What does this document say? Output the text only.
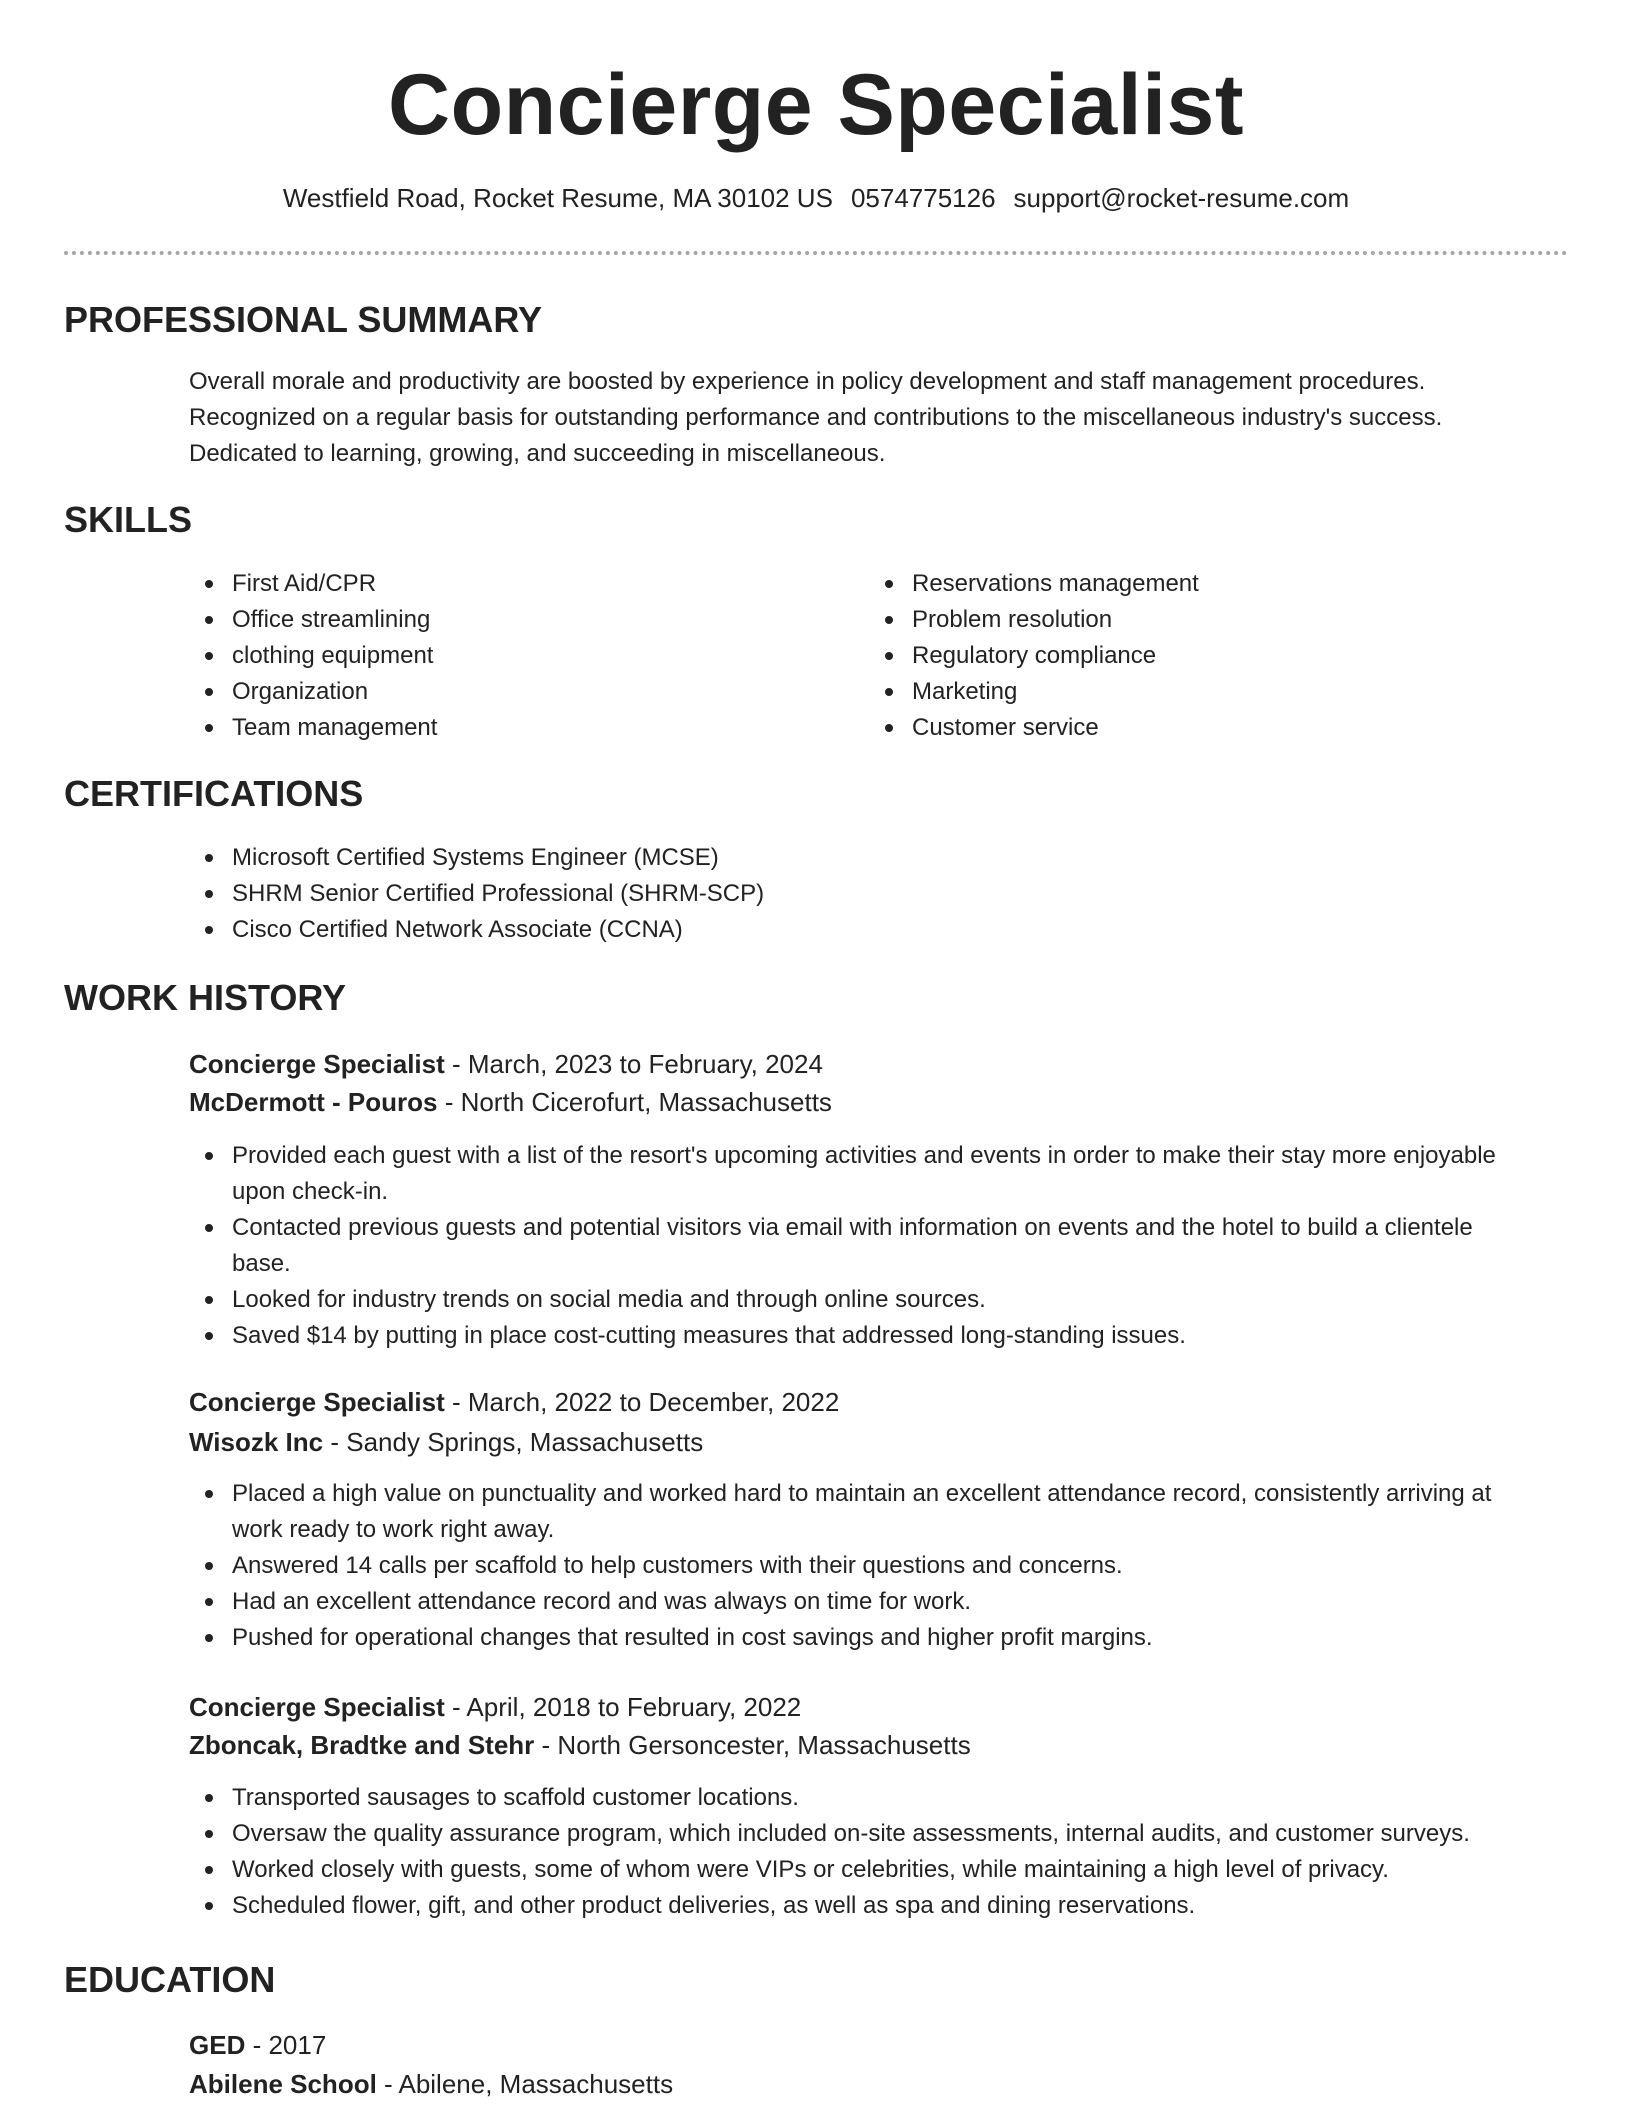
Concierge Specialist
Westfield Road, Rocket Resume, MA 30102 US 0574775126 support@rocket-resume.com
PROFESSIONAL SUMMARY
Overall morale and productivity are boosted by experience in policy development and staff management procedures.
Recognized on a regular basis for outstanding performance and contributions to the miscellaneous industry's success.
Dedicated to learning, growing, and succeeding in miscellaneous.
SKILLS
First Aid/CPR
Office streamlining
clothing equipment
Organization
Team management
Reservations management
Problem resolution
Regulatory compliance
Marketing
Customer service
CERTIFICATIONS
Microsoft Certified Systems Engineer (MCSE)
SHRM Senior Certified Professional (SHRM-SCP)
Cisco Certified Network Associate (CCNA)
WORK HISTORY
Concierge Specialist - March, 2023 to February, 2024
McDermott - Pouros - North Cicerofurt, Massachusetts
Provided each guest with a list of the resort's upcoming activities and events in order to make their stay more enjoyable
upon check-in.
Contacted previous guests and potential visitors via email with information on events and the hotel to build a clientele
base.
Looked for industry trends on social media and through online sources.
Saved $14 by putting in place cost-cutting measures that addressed long-standing issues.
Concierge Specialist - March, 2022 to December, 2022
Wisozk Inc - Sandy Springs, Massachusetts
Placed a high value on punctuality and worked hard to maintain an excellent attendance record, consistently arriving at
work ready to work right away.
Answered 14 calls per scaffold to help customers with their questions and concerns.
Had an excellent attendance record and was always on time for work.
Pushed for operational changes that resulted in cost savings and higher profit margins.
Concierge Specialist - April, 2018 to February, 2022
Zboncak, Bradtke and Stehr - North Gersoncester, Massachusetts
Transported sausages to scaffold customer locations.
Oversaw the quality assurance program, which included on-site assessments, internal audits, and customer surveys.
Worked closely with guests, some of whom were VIPs or celebrities, while maintaining a high level of privacy.
Scheduled flower, gift, and other product deliveries, as well as spa and dining reservations.
EDUCATION
GED - 2017
Abilene School - Abilene, Massachusetts
